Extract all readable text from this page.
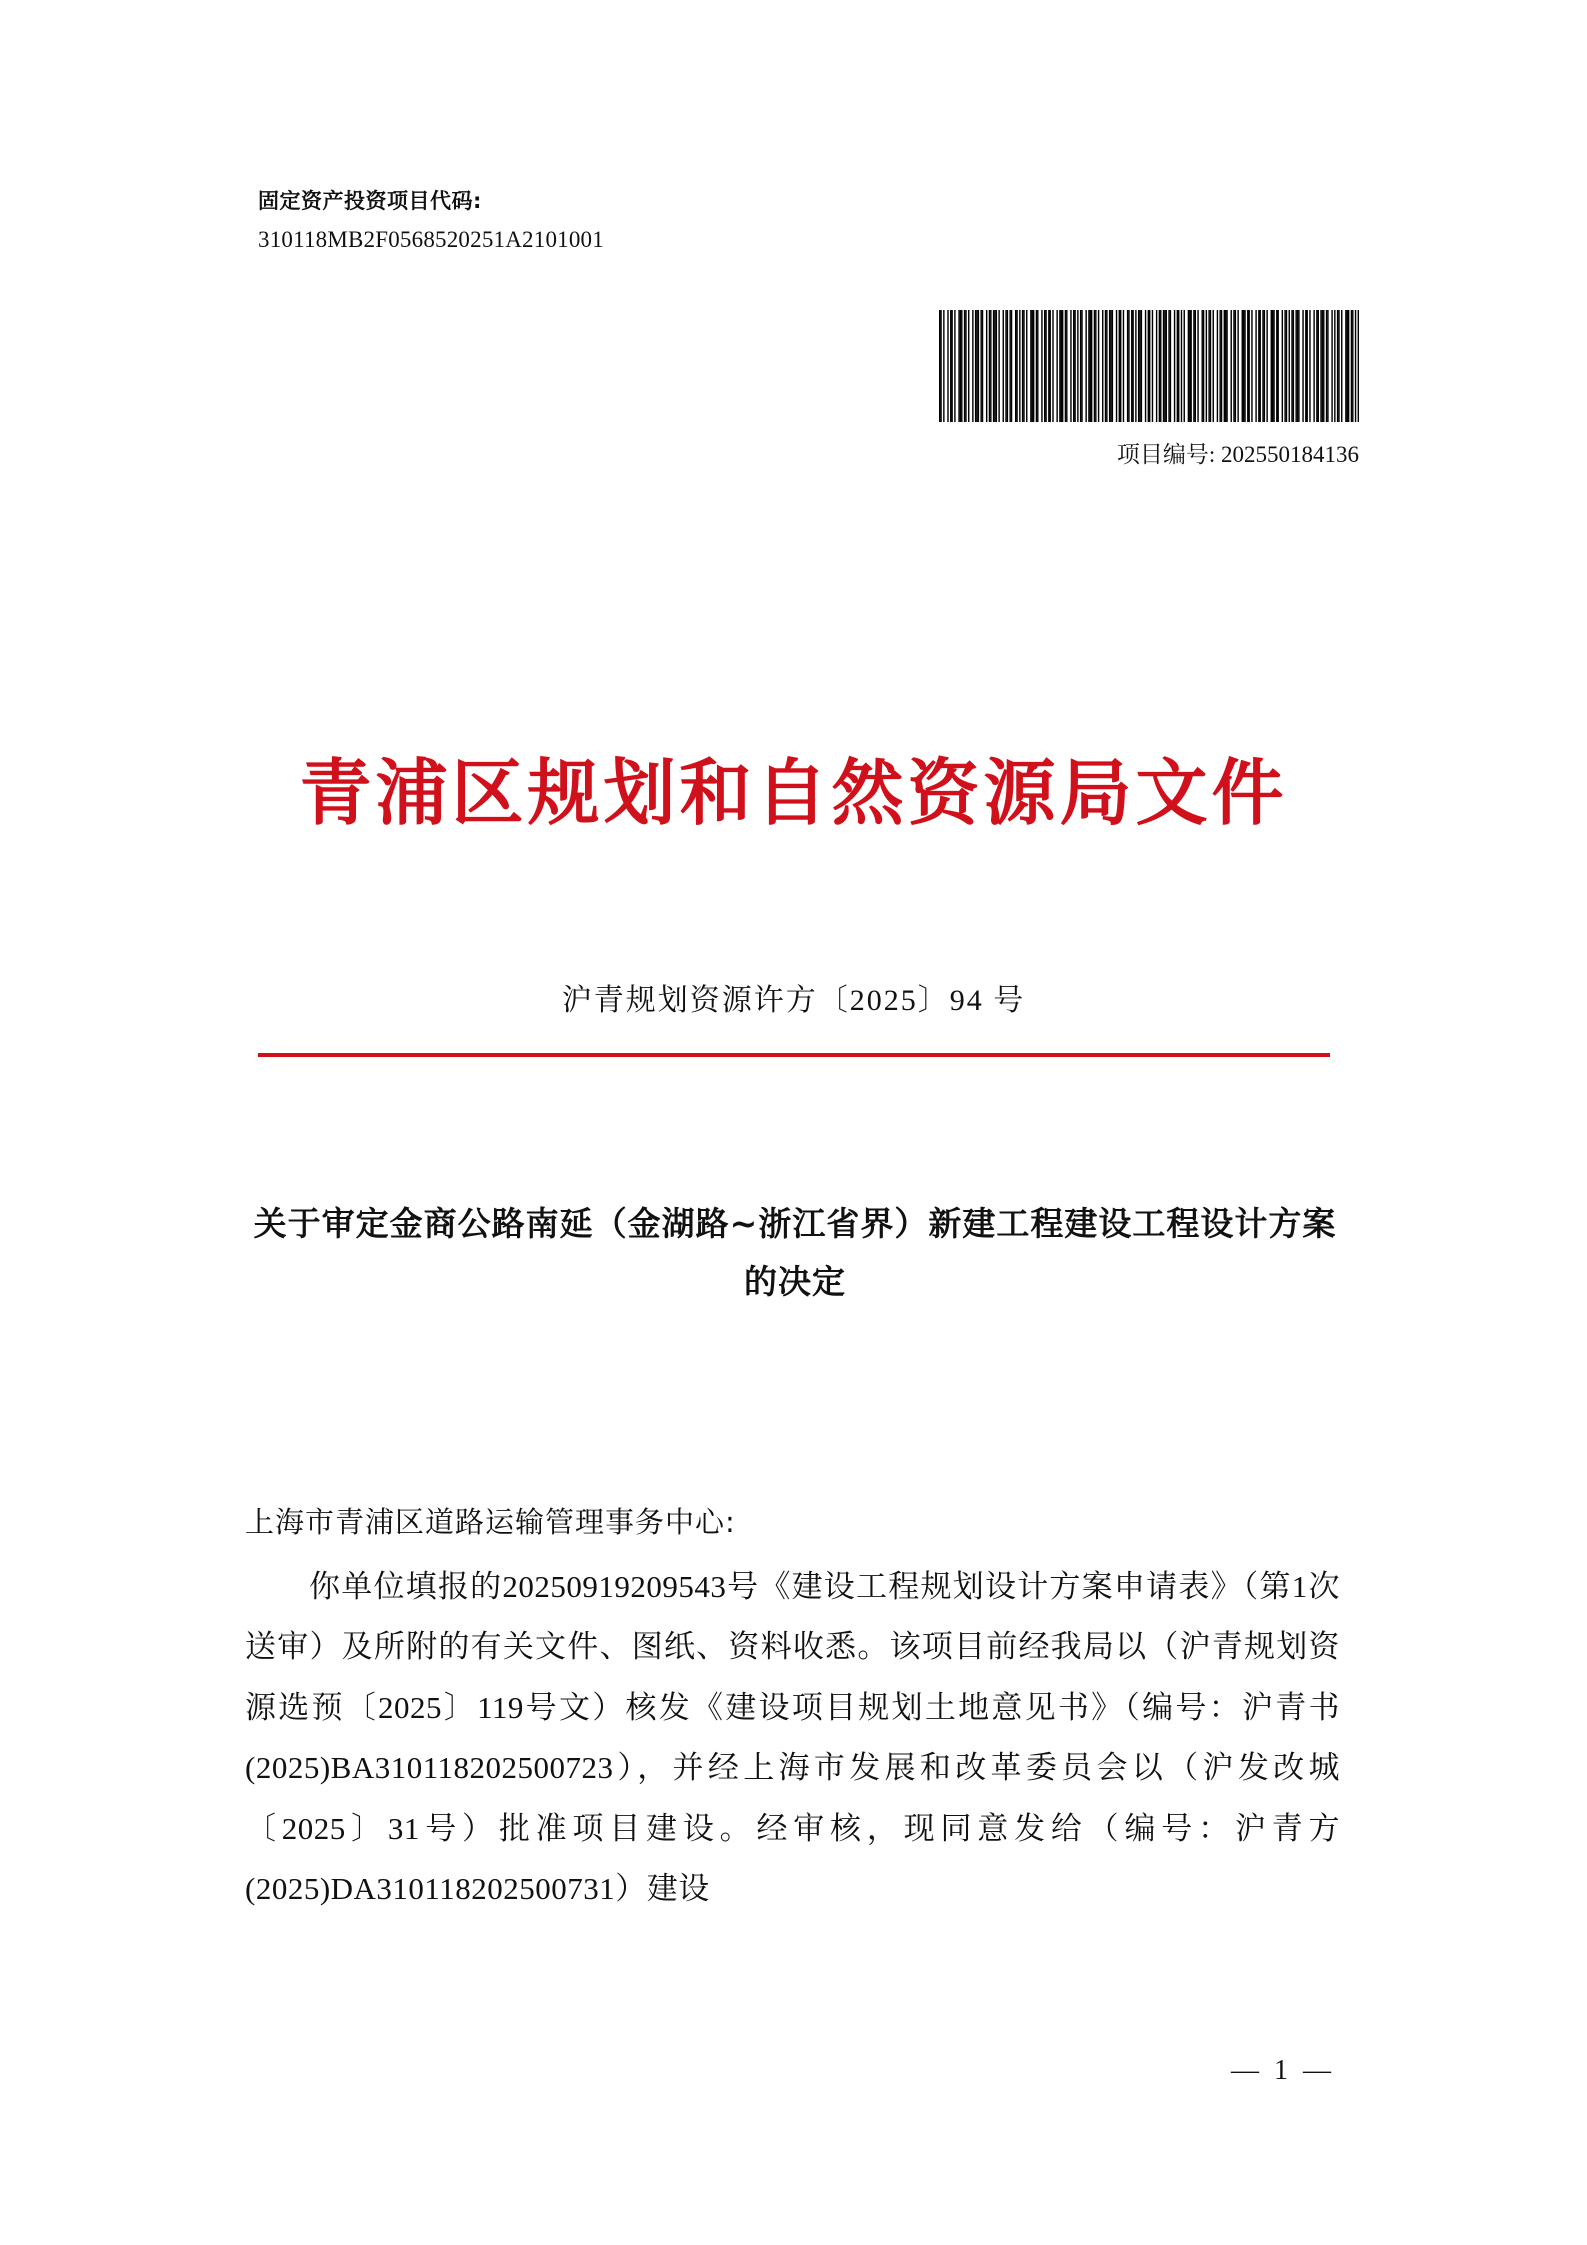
固定资产投资项目代码:
310118MB2F0568520251A2101001
项目编号: 202550184136
青浦区规划和自然资源局文件
沪青规划资源许方〔2025〕94 号
关于审定金商公路南延（金湖路~浙江省界）新建工程建设工程设计方案的决定
上海市青浦区道路运输管理事务中心:
你单位填报的20250919209543号《建设工程规划设计方案申请表》（第1次送审）及所附的有关文件、图纸、资料收悉。该项目前经我局以（沪青规划资源选预〔2025〕119号文）核发《建设项目规划土地意见书》（编号：沪青书(2025)BA310118202500723），并经上海市发展和改革委员会以（沪发改城〔2025〕31号）批准项目建设。经审核，现同意发给（编号：沪青方(2025)DA310118202500731）建设
— 1 —
